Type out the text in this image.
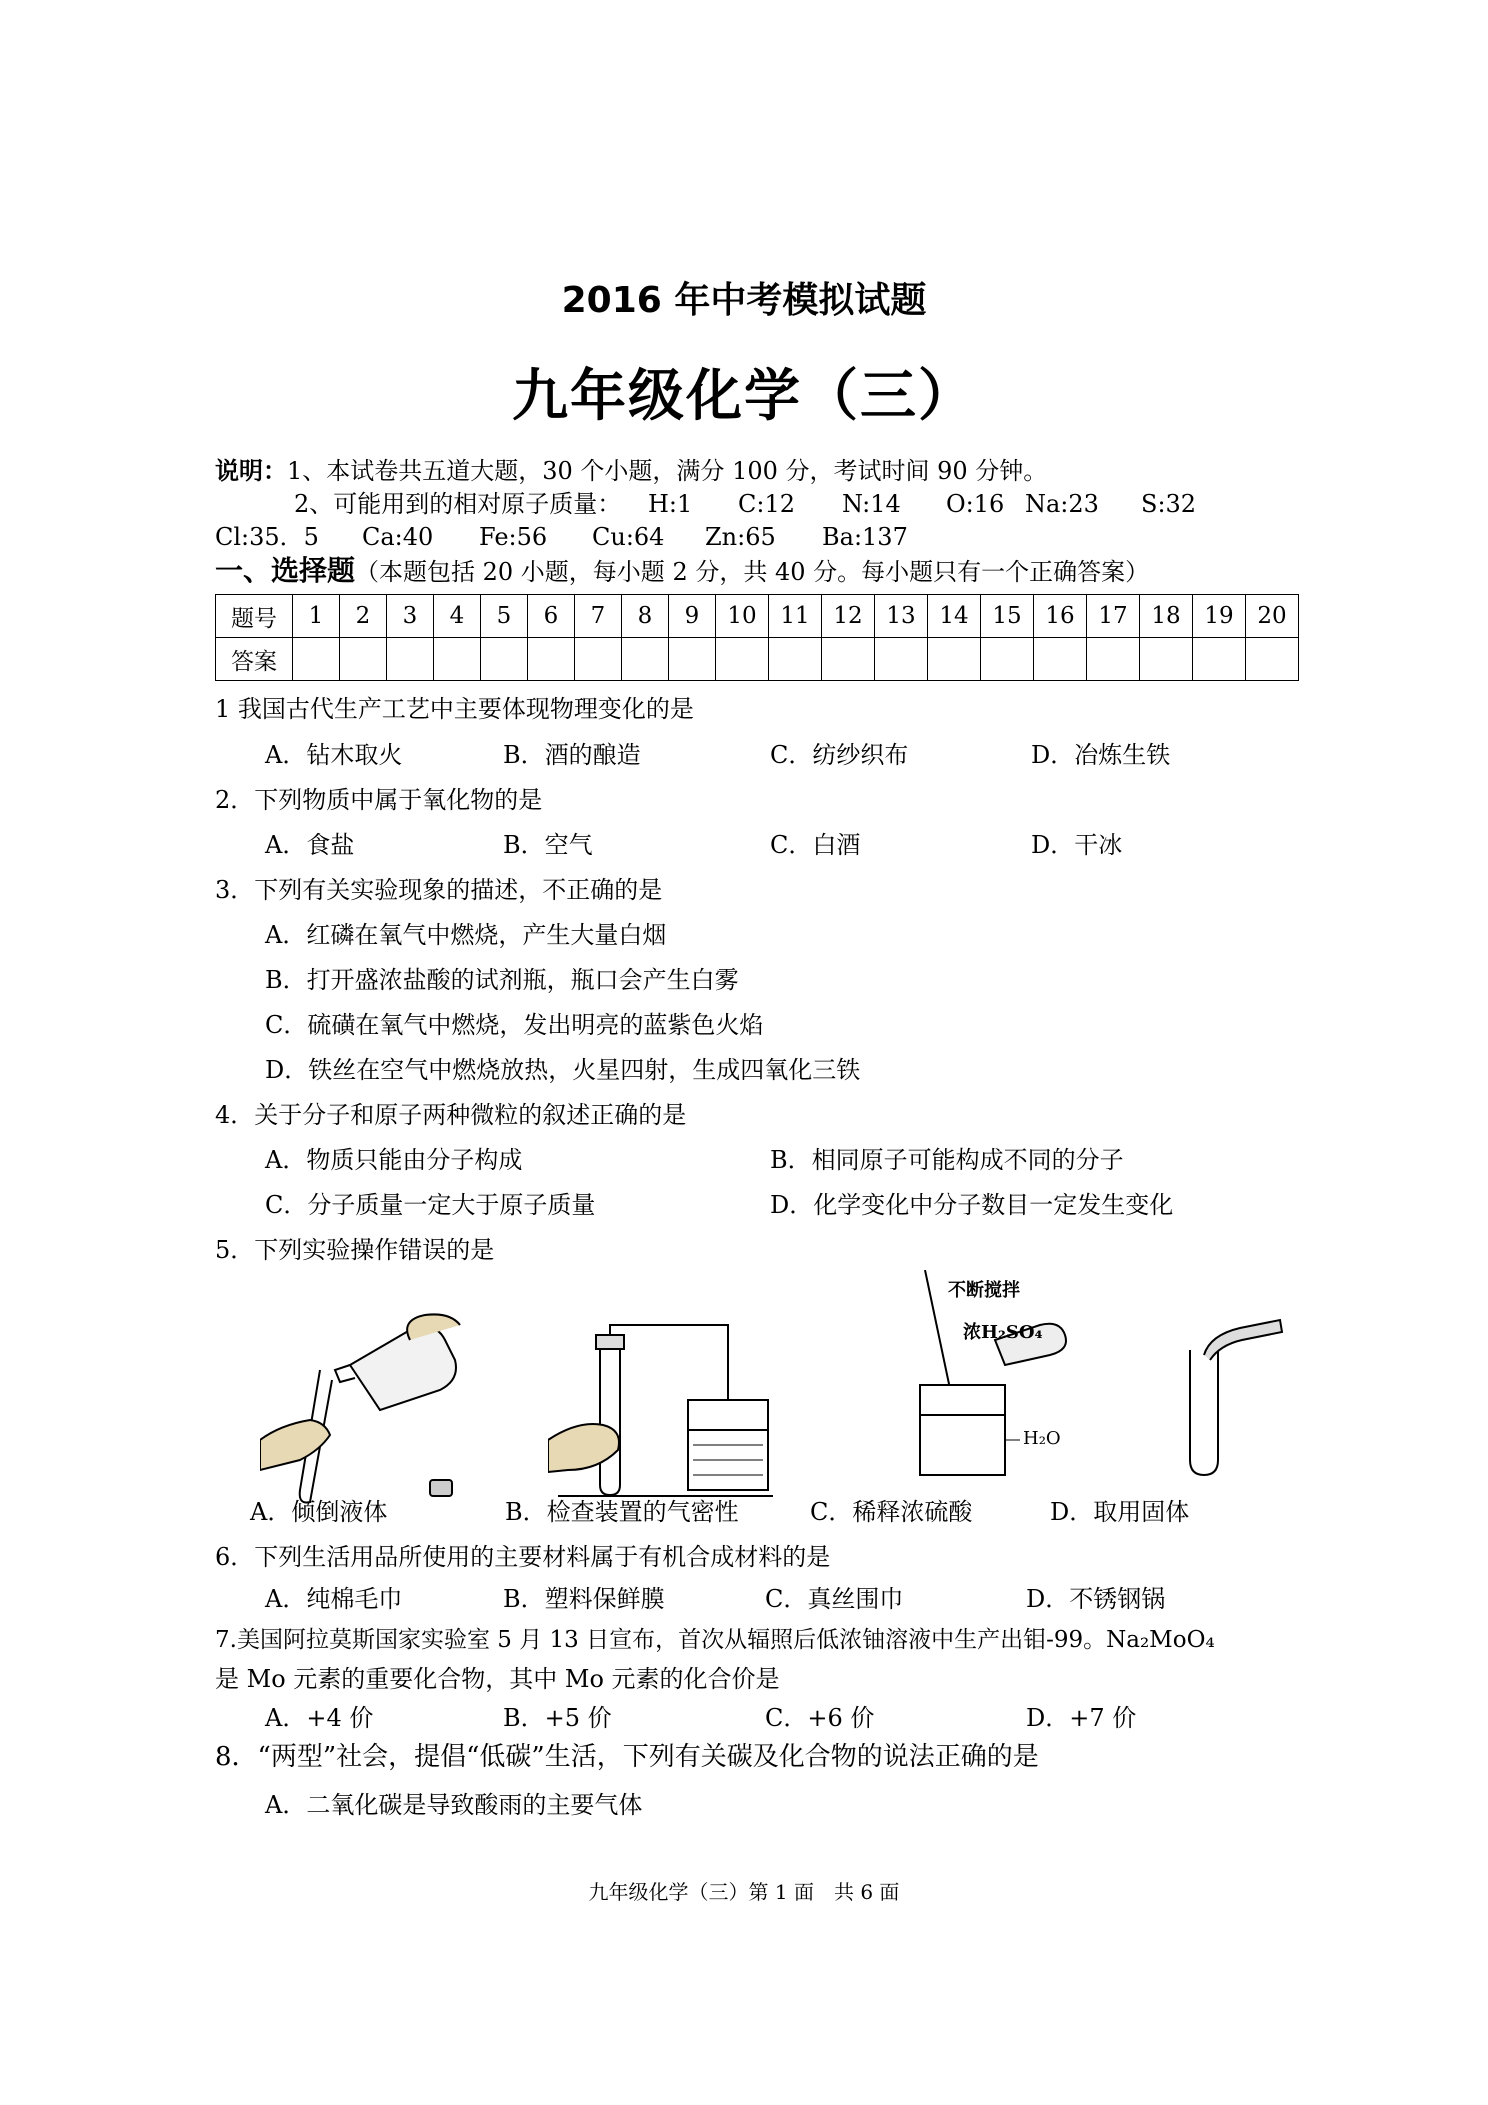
2016 年中考模拟试题
九年级化学（三）
说明：1、本试卷共五道大题，30 个小题，满分 100 分，考试时间 90 分钟。
2、可能用到的相对原子质量： H:1 C:12 N:14 O:16 Na:23 S:32
Cl:35．5 Ca:40 Fe:56 Cu:64 Zn:65 Ba:137
一、选择题（本题包括 20 小题，每小题 2 分，共 40 分。每小题只有一个正确答案）
题号	1	2	3	4	5	6	7	8	9	10	11	12	13	14	15	16	17	18	19	20
答案																				
1 我国古代生产工艺中主要体现物理变化的是
A．钻木取火	B．酒的酿造	C．纺纱织布	D．冶炼生铁
2．下列物质中属于氧化物的是
A．食盐	B．空气	C．白酒	D．干冰
3．下列有关实验现象的描述，不正确的是
A．红磷在氧气中燃烧，产生大量白烟
B．打开盛浓盐酸的试剂瓶，瓶口会产生白雾
C．硫磺在氧气中燃烧，发出明亮的蓝紫色火焰
D．铁丝在空气中燃烧放热，火星四射，生成四氧化三铁
4．关于分子和原子两种微粒的叙述正确的是
A．物质只能由分子构成	B．相同原子可能构成不同的分子
C．分子质量一定大于原子质量	D．化学变化中分子数目一定发生变化
5．下列实验操作错误的是
不断搅拌
浓H₂SO₄
H₂O
A．倾倒液体	B．检查装置的气密性	C．稀释浓硫酸	D．取用固体
6．下列生活用品所使用的主要材料属于有机合成材料的是
A．纯棉毛巾	B．塑料保鲜膜	C．真丝围巾	D．不锈钢锅
7.美国阿拉莫斯国家实验室 5 月 13 日宣布，首次从辐照后低浓铀溶液中生产出钼-99。Na₂MoO₄
是 Mo 元素的重要化合物，其中 Mo 元素的化合价是
A．+4 价	B．+5 价	C．+6 价	D．+7 价
8．“两型”社会，提倡“低碳”生活，下列有关碳及化合物的说法正确的是
A．二氧化碳是导致酸雨的主要气体
九年级化学（三）第 1 面　共 6 面
